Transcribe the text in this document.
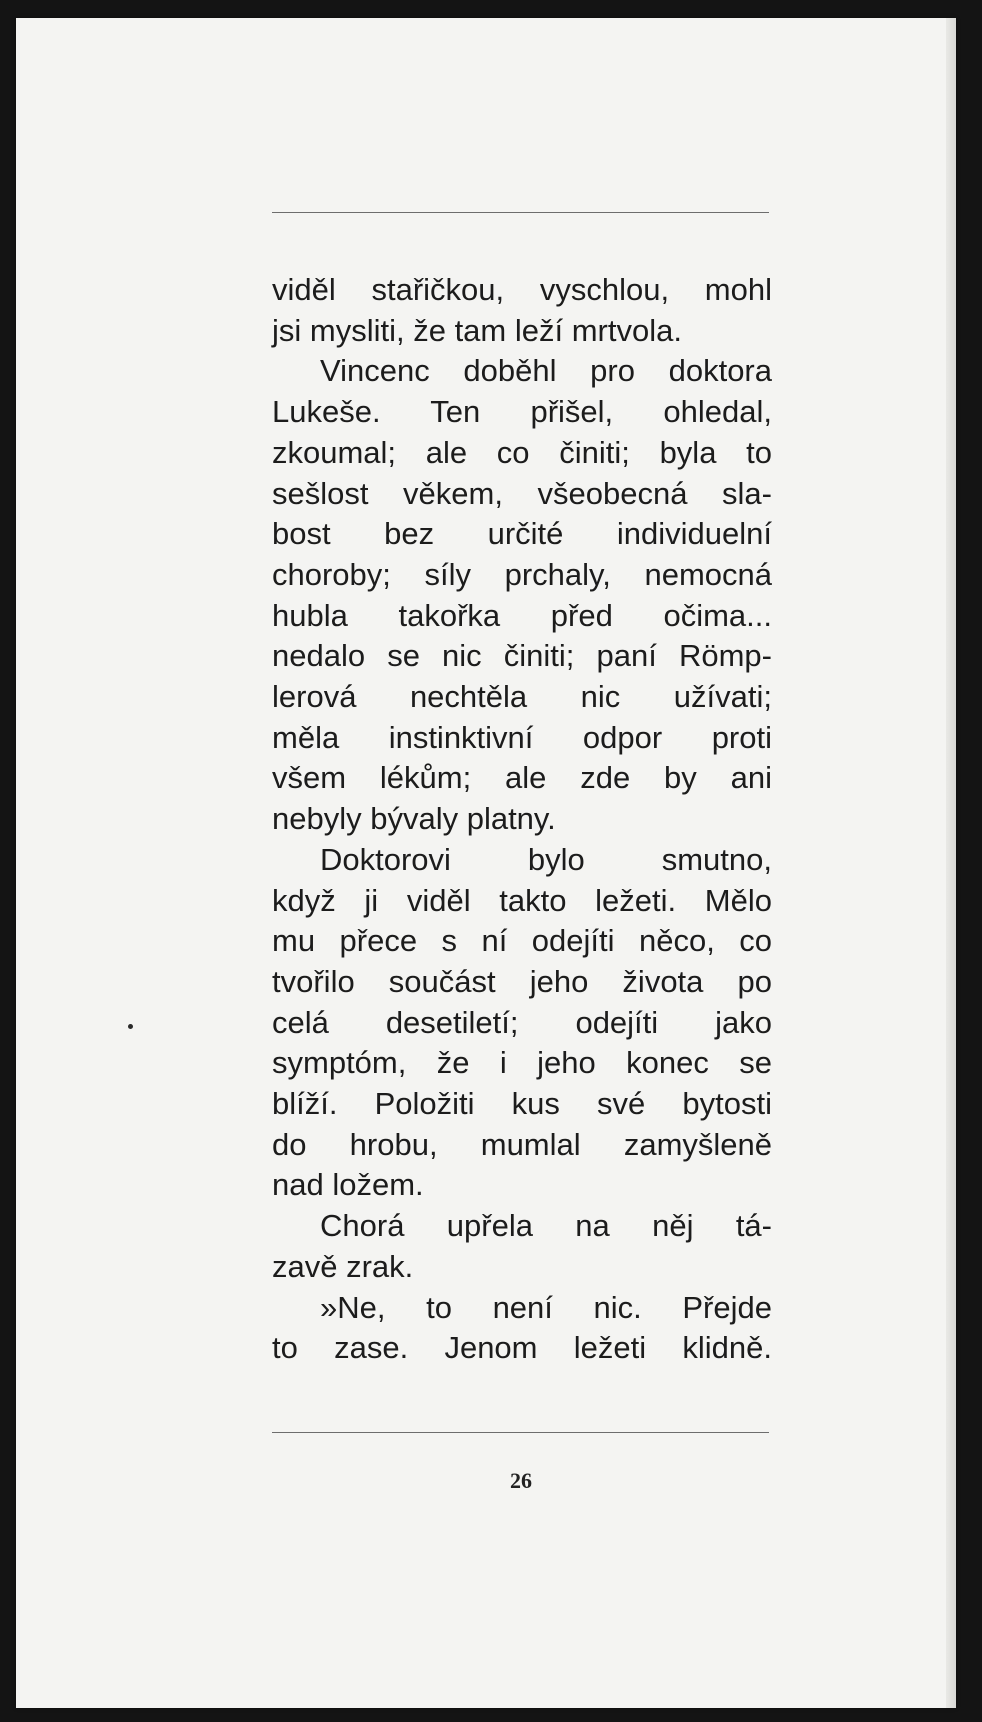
viděl stařičkou, vyschlou, mohl
jsi mysliti, že tam leží mrtvola.
Vincenc doběhl pro doktora
Lukeše. Ten přišel, ohledal,
zkoumal; ale co činiti; byla to
sešlost věkem, všeobecná sla-
bost bez určité individuelní
choroby; síly prchaly, nemocná
hubla takořka před očima...
nedalo se nic činiti; paní Römp-
lerová nechtěla nic užívati;
měla instinktivní odpor proti
všem lékům; ale zde by ani
nebyly bývaly platny.
Doktorovi bylo smutno,
když ji viděl takto ležeti. Mělo
mu přece s ní odejíti něco, co
tvořilo součást jeho života po
celá desetiletí; odejíti jako
symptóm, že i jeho konec se
blíží. Položiti kus své bytosti
do hrobu, mumlal zamyšleně
nad ložem.
Chorá upřela na něj tá-
zavě zrak.
»Ne, to není nic. Přejde
to zase. Jenom ležeti klidně.
26
